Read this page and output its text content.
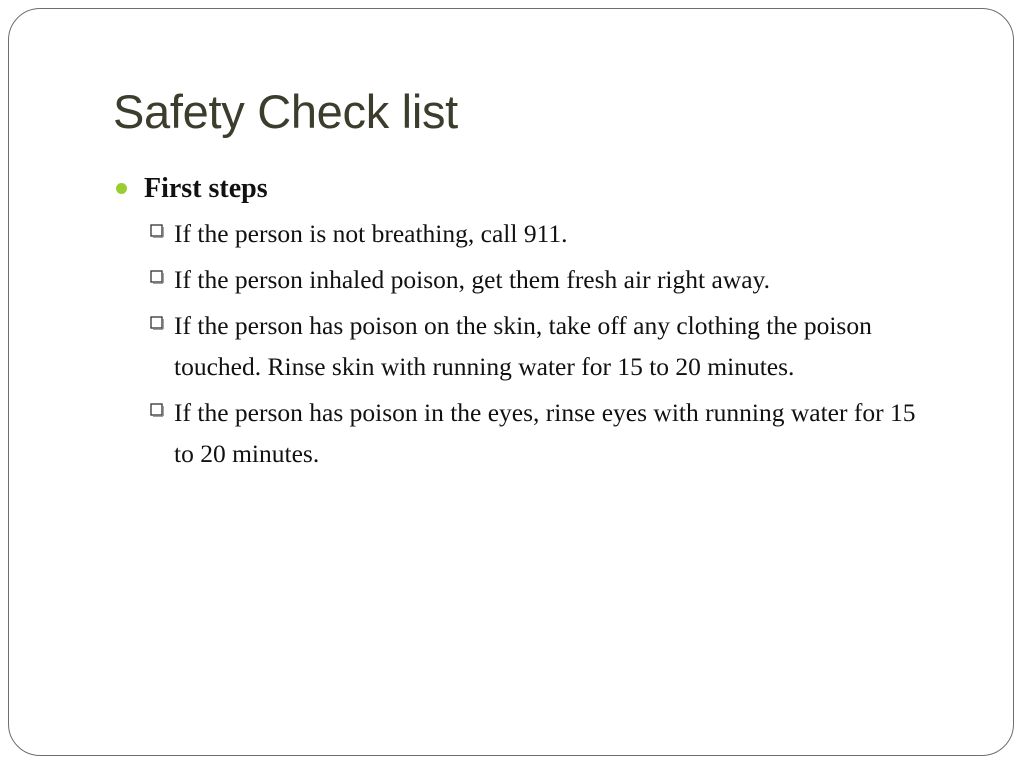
Safety Check list
First steps
If the person is not breathing, call 911.
If the person inhaled poison, get them fresh air right away.
If the person has poison on the skin, take off any clothing the poison touched. Rinse skin with running water for 15 to 20 minutes.
If the person has poison in the eyes, rinse eyes with running water for 15 to 20 minutes.
